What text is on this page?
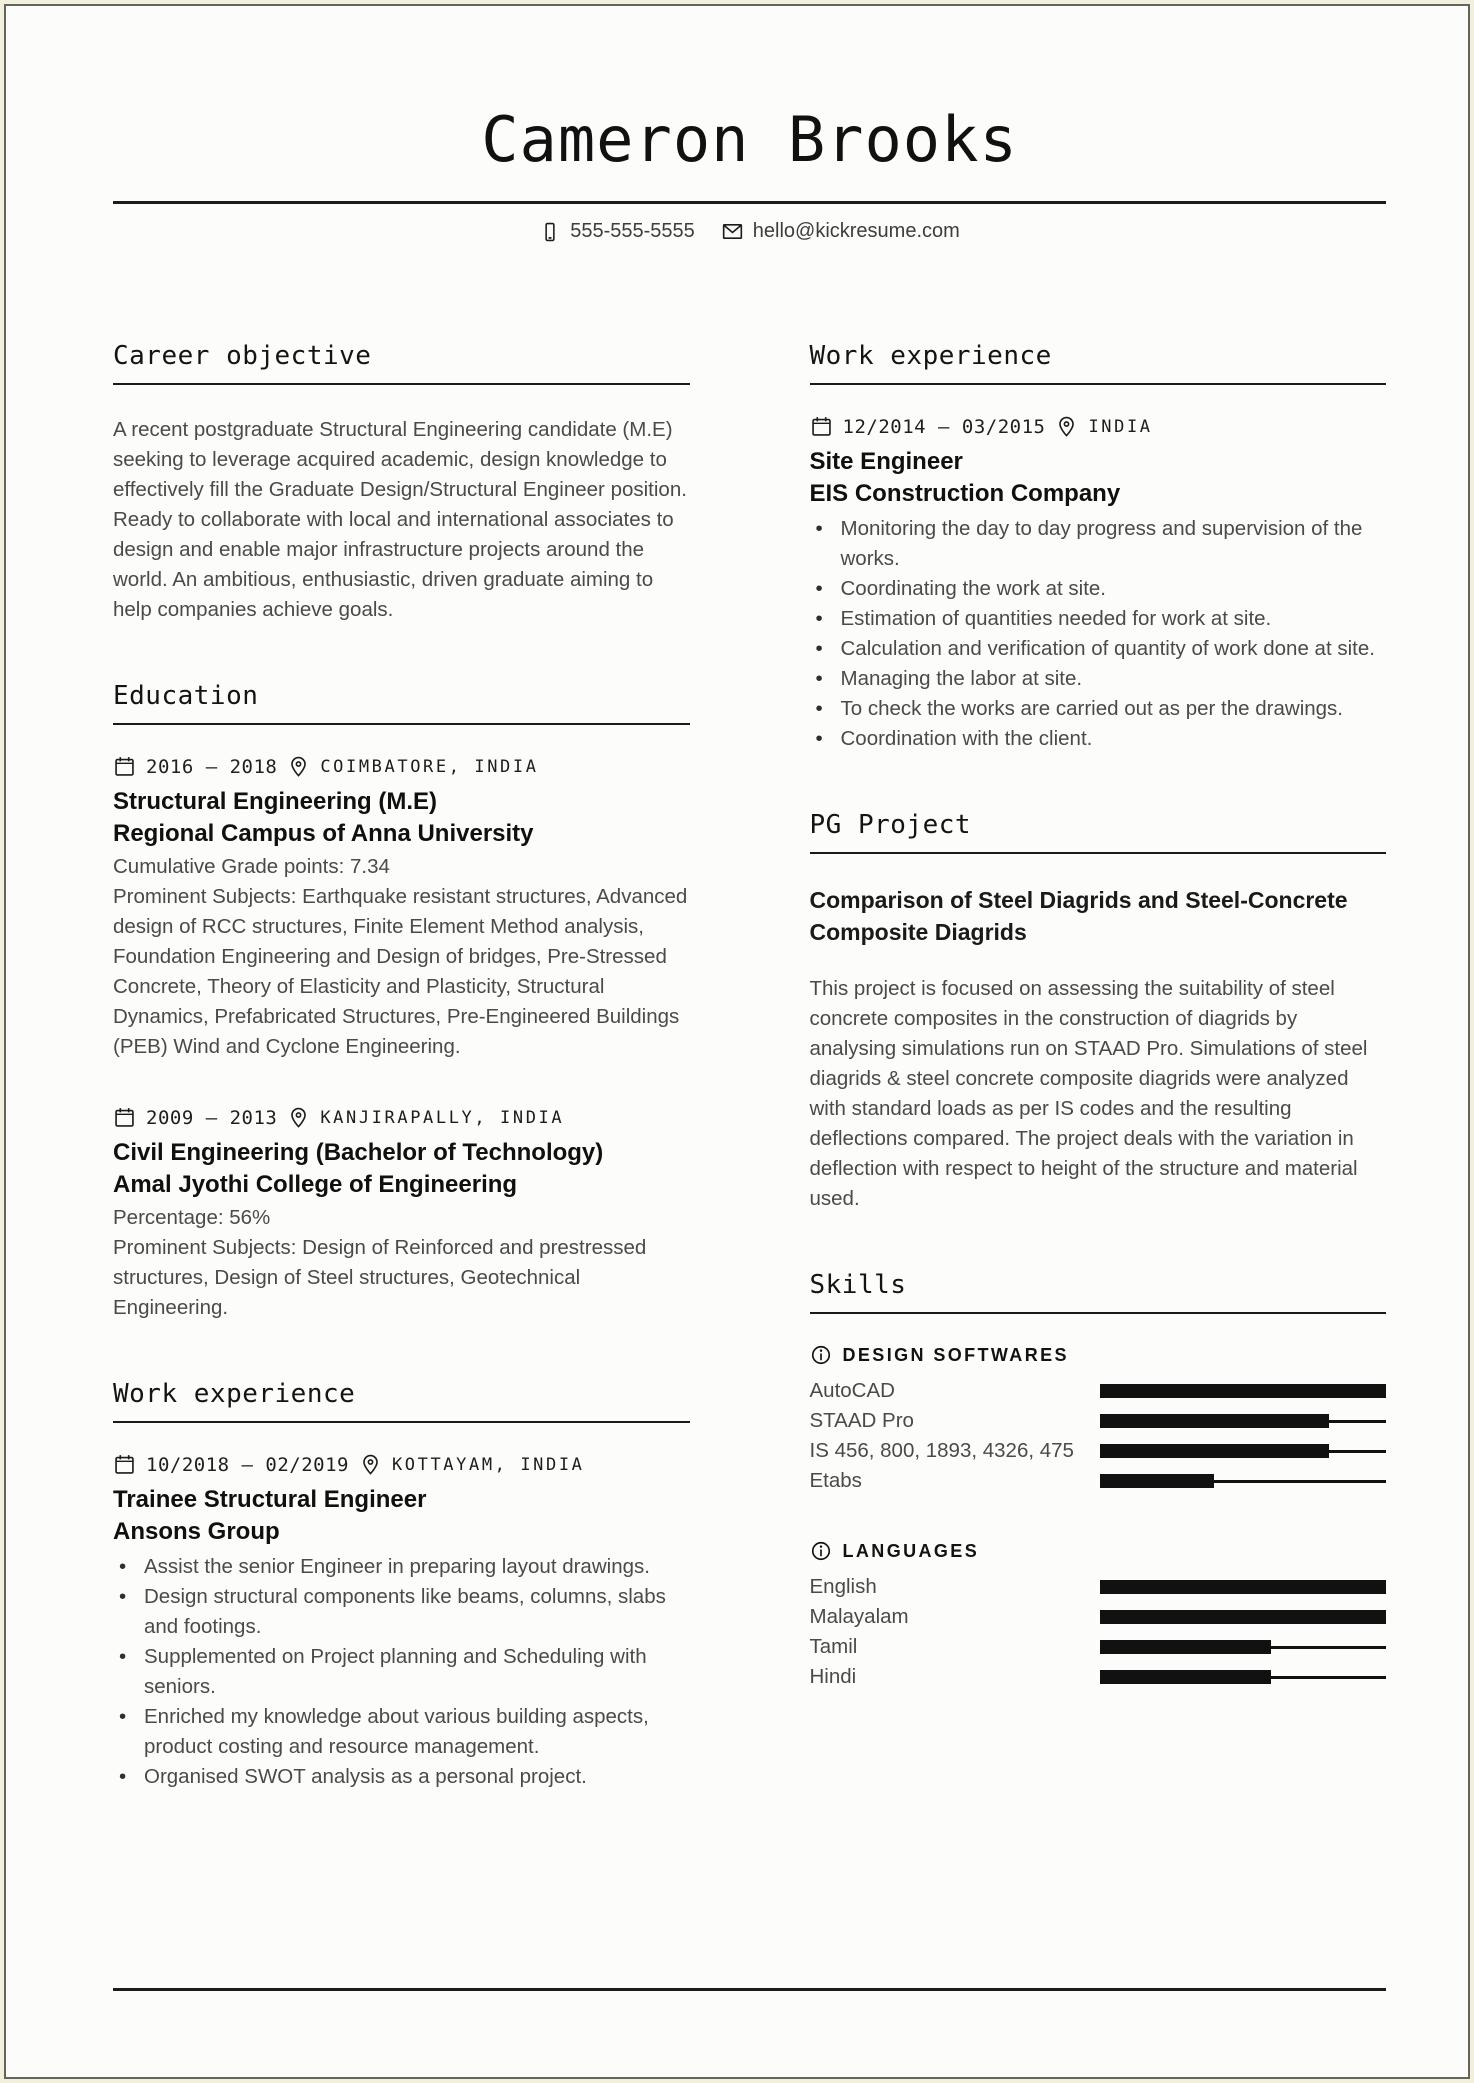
Cameron Brooks
555-555-5555	hello@kickresume.com
Career objective

A recent postgraduate Structural Engineering candidate (M.E) seeking to leverage acquired academic, design knowledge to effectively fill the Graduate Design/Structural Engineer position. Ready to collaborate with local and international associates to design and enable major infrastructure projects around the world. An ambitious, enthusiastic, driven graduate aiming to help companies achieve goals.

Education
2016 – 2018	COIMBATORE, INDIA
Structural Engineering (M.E)
Regional Campus of Anna University
Cumulative Grade points: 7.34
Prominent Subjects: Earthquake resistant structures, Advanced design of RCC structures, Finite Element Method analysis, Foundation Engineering and Design of bridges, Pre-Stressed Concrete, Theory of Elasticity and Plasticity, Structural Dynamics, Prefabricated Structures, Pre-Engineered Buildings (PEB) Wind and Cyclone Engineering.
2009 – 2013	KANJIRAPALLY, INDIA
Civil Engineering (Bachelor of Technology)
Amal Jyothi College of Engineering
Percentage: 56%
Prominent Subjects: Design of Reinforced and prestressed structures, Design of Steel structures, Geotechnical Engineering.
Work experience
10/2018 – 02/2019	KOTTAYAM, INDIA
Trainee Structural Engineer
Ansons Group
• Assist the senior Engineer in preparing layout drawings.
• Design structural components like beams, columns, slabs and footings.
• Supplemented on Project planning and Scheduling with seniors.
• Enriched my knowledge about various building aspects, product costing and resource management.
• Organised SWOT analysis as a personal project.
Work experience
12/2014 – 03/2015	INDIA
Site Engineer
EIS Construction Company
• Monitoring the day to day progress and supervision of the works.
• Coordinating the work at site.
• Estimation of quantities needed for work at site.
• Calculation and verification of quantity of work done at site.
• Managing the labor at site.
• To check the works are carried out as per the drawings.
• Coordination with the client.
PG Project
Comparison of Steel Diagrids and Steel-Concrete Composite Diagrids

This project is focused on assessing the suitability of steel concrete composites in the construction of diagrids by analysing simulations run on STAAD Pro. Simulations of steel diagrids & steel concrete composite diagrids were analyzed with standard loads as per IS codes and the resulting deflections compared. The project deals with the variation in deflection with respect to height of the structure and material used.

Skills
DESIGN SOFTWARES
AutoCAD
STAAD Pro
IS 456, 800, 1893, 4326, 475
Etabs
LANGUAGES
English
Malayalam
Tamil
Hindi
